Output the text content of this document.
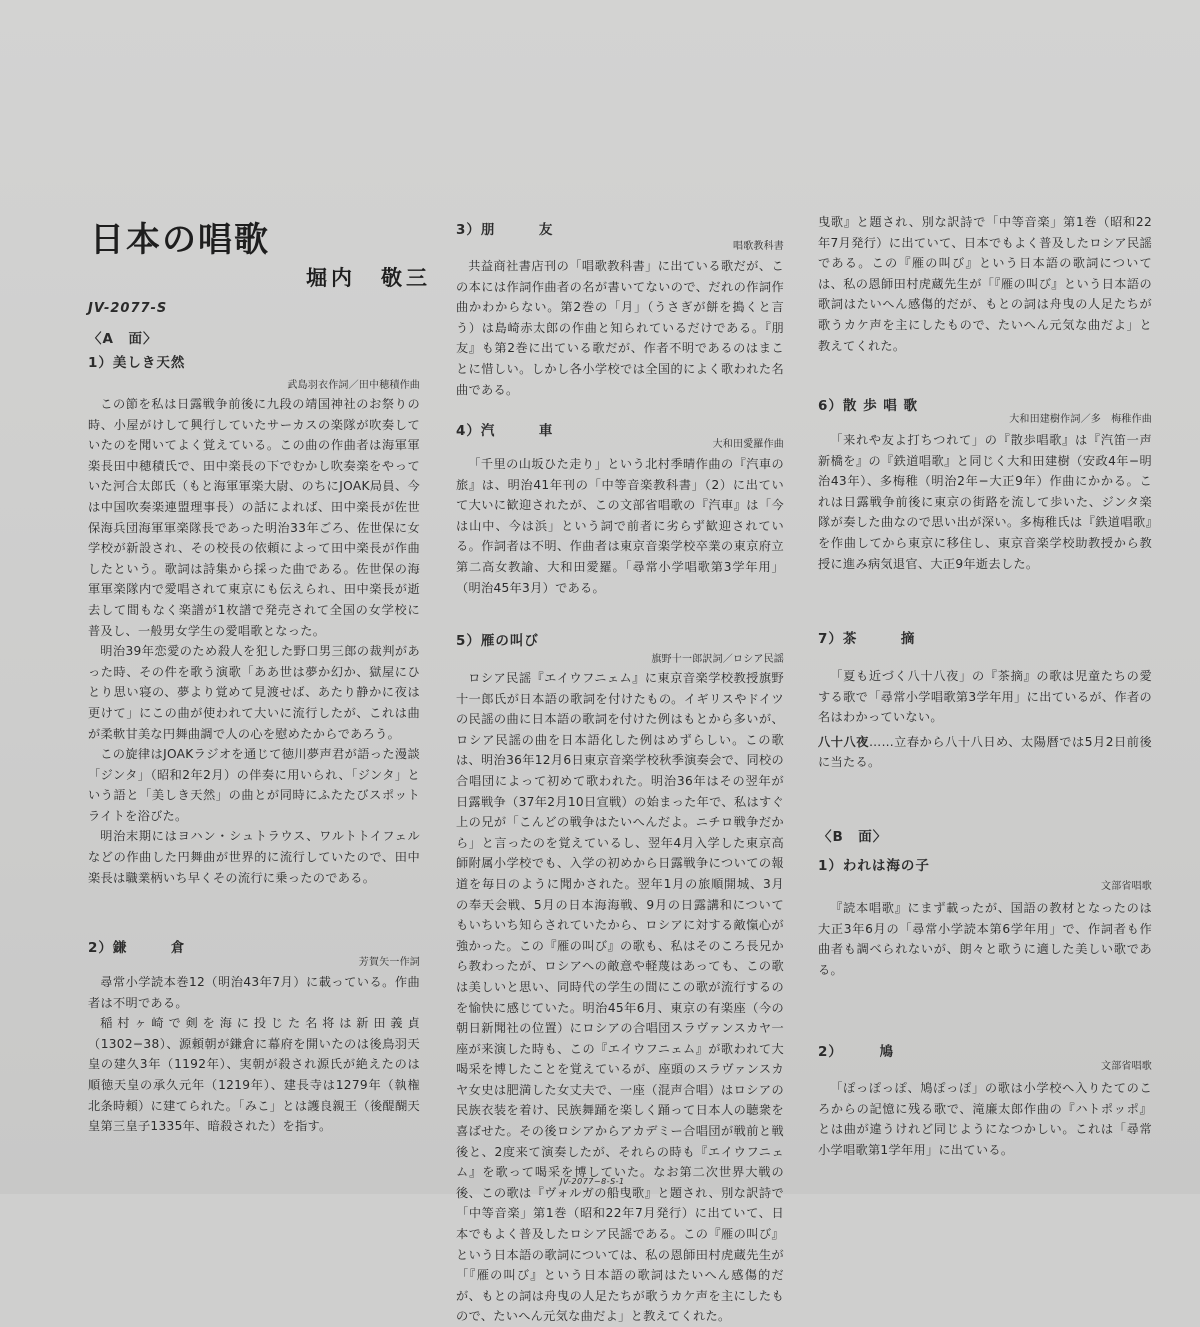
日本の唱歌
堀内　敬三
JV-2077-S
〈A　面〉
1）美しき天然
武島羽衣作詞／田中穂積作曲

この節を私は日露戦争前後に九段の靖国神社のお祭りの時、小屋がけして興行していたサーカスの楽隊が吹奏していたのを聞いてよく覚えている。この曲の作曲者は海軍軍楽長田中穂積氏で、田中楽長の下でむかし吹奏楽をやっていた河合太郎氏（もと海軍軍楽大尉、のちにJOAK局員、今は中国吹奏楽連盟理事長）の話によれば、田中楽長が佐世保海兵団海軍軍楽隊長であった明治33年ごろ、佐世保に女学校が新設され、その校長の依頼によって田中楽長が作曲したという。歌詞は詩集から採った曲である。佐世保の海軍軍楽隊内で愛唱されて東京にも伝えられ、田中楽長が逝去して間もなく楽譜が1枚譜で発売されて全国の女学校に普及し、一般男女学生の愛唱歌となった。

明治39年恋愛のため殺人を犯した野口男三郎の裁判があった時、その件を歌う演歌「ああ世は夢か幻か、獄屋にひとり思い寝の、夢より覚めて見渡せば、あたり静かに夜は更けて」にこの曲が使われて大いに流行したが、これは曲が柔軟甘美な円舞曲調で人の心を慰めたからであろう。

この旋律はJOAKラジオを通じて徳川夢声君が語った漫談「ジンタ」（昭和2年2月）の伴奏に用いられ、「ジンタ」という語と「美しき天然」の曲とが同時にふたたびスポットライトを浴びた。

明治末期にはヨハン・シュトラウス、ワルトトイフェルなどの作曲した円舞曲が世界的に流行していたので、田中楽長は職業柄いち早くその流行に乗ったのである。

2）鎌　　　倉
芳賀矢一作詞

尋常小学読本巻12（明治43年7月）に載っている。作曲者は不明である。

稲村ヶ崎で剣を海に投じた名将は新田義貞（1302−38）、源頼朝が鎌倉に幕府を開いたのは後鳥羽天皇の建久3年（1192年）、実朝が殺され源氏が絶えたのは順徳天皇の承久元年（1219年）、建長寺は1279年（執権北条時頼）に建てられた。「みこ」とは護良親王（後醍醐天皇第三皇子1335年、暗殺された）を指す。

3）朋　　　友
唱歌教科書

共益商社書店刊の「唱歌教科書」に出ている歌だが、この本には作詞作曲者の名が書いてないので、だれの作詞作曲かわからない。第2巻の「月」（うさぎが餅を搗くと言う）は島崎赤太郎の作曲と知られているだけである。『朋友』も第2巻に出ている歌だが、作者不明であるのはまことに惜しい。しかし各小学校では全国的によく歌われた名曲である。

4）汽　　　車
大和田愛羅作曲

「千里の山坂ひた走り」という北村季晴作曲の『汽車の旅』は、明治41年刊の「中等音楽教科書」（2）に出ていて大いに歓迎されたが、この文部省唱歌の『汽車』は「今は山中、今は浜」という詞で前者に劣らず歓迎されている。作詞者は不明、作曲者は東京音楽学校卒業の東京府立第二高女教諭、大和田愛羅。「尋常小学唱歌第3学年用」（明治45年3月）である。

5）雁の叫び
旗野十一郎訳詞／ロシア民謡

ロシア民謡『エイウフニェム』に東京音楽学校教授旗野十一郎氏が日本語の歌詞を付けたもの。イギリスやドイツの民謡の曲に日本語の歌詞を付けた例はもとから多いが、ロシア民謡の曲を日本語化した例はめずらしい。この歌は、明治36年12月6日東京音楽学校秋季演奏会で、同校の合唱団によって初めて歌われた。明治36年はその翌年が日露戦争（37年2月10日宣戦）の始まった年で、私はすぐ上の兄が「こんどの戦争はたいへんだよ。ニチロ戦争だから」と言ったのを覚えているし、翌年4月入学した東京高師附属小学校でも、入学の初めから日露戦争についての報道を毎日のように聞かされた。翌年1月の旅順開城、3月の奉天会戦、5月の日本海海戦、9月の日露講和についてもいちいち知らされていたから、ロシアに対する敵愾心が強かった。この『雁の叫び』の歌も、私はそのころ長兄から教わったが、ロシアへの敵意や軽蔑はあっても、この歌は美しいと思い、同時代の学生の間にこの歌が流行するのを愉快に感じていた。明治45年6月、東京の有楽座（今の朝日新聞社の位置）にロシアの合唱団スラヴァンスカヤ一座が来演した時も、この『エイウフニェム』が歌われて大喝采を博したことを覚えているが、座頭のスラヴァンスカヤ女史は肥満した女丈夫で、一座（混声合唱）はロシアの民族衣装を着け、民族舞踊を楽しく踊って日本人の聴衆を喜ばせた。その後ロシアからアカデミー合唱団が戦前と戦後と、2度来て演奏したが、それらの時も『エイウフニェム』を歌って喝采を博していた。なお第二次世界大戦の後、この歌は『ヴォルガの船曳歌』と題され、別な訳詩で「中等音楽」第1巻（昭和22年7月発行）に出ていて、日本でもよく普及したロシア民謡である。この『雁の叫び』という日本語の歌詞については、私の恩師田村虎蔵先生が「『雁の叫び』という日本語の歌詞はたいへん感傷的だが、もとの詞は舟曳の人足たちが歌うカケ声を主にしたもので、たいへん元気な曲だよ」と教えてくれた。

JV-2077−8-S-1

曳歌』と題され、別な訳詩で「中等音楽」第1巻（昭和22年7月発行）に出ていて、日本でもよく普及したロシア民謡である。この『雁の叫び』という日本語の歌詞については、私の恩師田村虎蔵先生が「『雁の叫び』という日本語の歌詞はたいへん感傷的だが、もとの詞は舟曳の人足たちが歌うカケ声を主にしたもので、たいへん元気な曲だよ」と教えてくれた。

6）散 歩 唱 歌
大和田建樹作詞／多　梅稚作曲

「来れや友よ打ちつれて」の『散歩唱歌』は『汽笛一声新橋を』の『鉄道唱歌』と同じく大和田建樹（安政4年−明治43年）、多梅稚（明治2年−大正9年）作曲にかかる。これは日露戦争前後に東京の街路を流して歩いた、ジンタ楽隊が奏した曲なので思い出が深い。多梅稚氏は『鉄道唱歌』を作曲してから東京に移住し、東京音楽学校助教授から教授に進み病気退官、大正9年逝去した。

7）茶　　　摘

「夏も近づく八十八夜」の『茶摘』の歌は児童たちの愛する歌で「尋常小学唱歌第3学年用」に出ているが、作者の名はわかっていない。

八十八夜……立春から八十八日め、太陽暦では5月2日前後に当たる。

〈B　面〉
1）われは海の子
文部省唱歌

『読本唱歌』にまず載ったが、国語の教材となったのは大正3年6月の「尋常小学読本第6学年用」で、作詞者も作曲者も調べられないが、朗々と歌うに適した美しい歌である。

2）　　　鳩
文部省唱歌

「ぽっぽっぽ、鳩ぽっぽ」の歌は小学校へ入りたてのころからの記憶に残る歌で、滝廉太郎作曲の『ハトポッポ』とは曲が違うけれど同じようになつかしい。これは「尋常小学唱歌第1学年用」に出ている。
